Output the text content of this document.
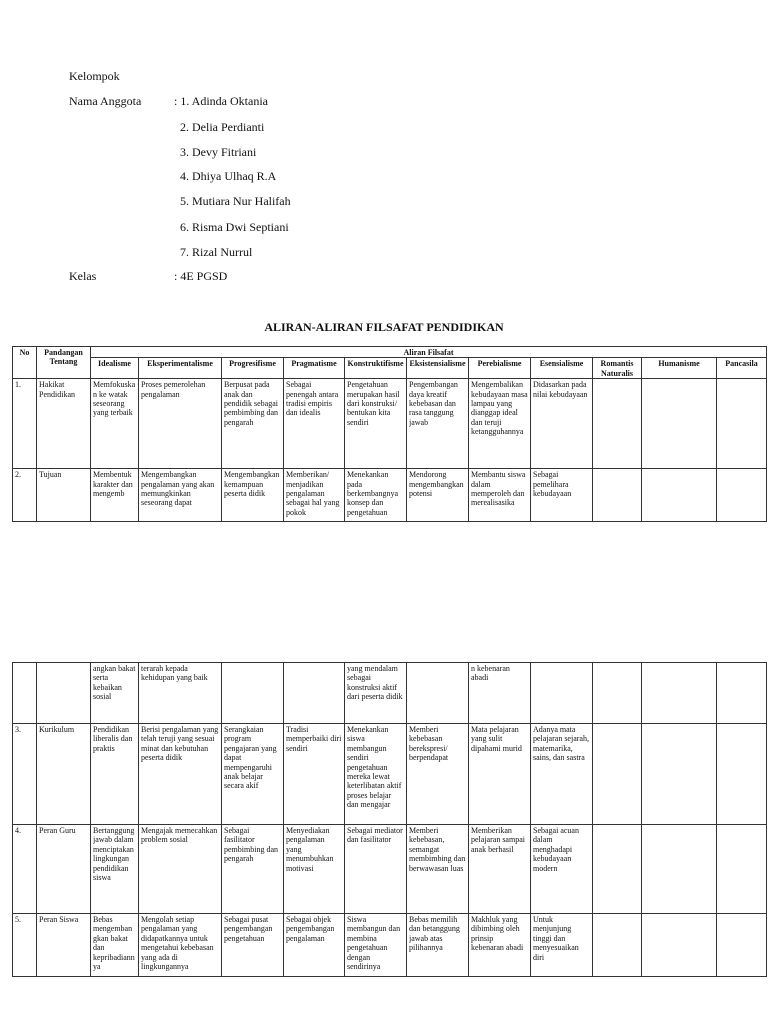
Kelompok
Nama Anggota	: 1. Adinda Oktania
2. Delia Perdianti
3. Devy Fitriani
4. Dhiya Ulhaq R.A
5. Mutiara Nur Halifah
6. Risma Dwi Septiani
7. Rizal Nurrul
Kelas	: 4E PGSD
ALIRAN-ALIRAN FILSAFAT PENDIDIKAN
No	Pandangan Tentang	Aliran Filsafat										
		Idealisme	Eksperimentalisme	Progresifisme	Pragmatisme	Konstruktifisme	Eksistensialisme	Perebialisme	Esensialisme	Romantis Naturalis	Humanisme	Pancasila

1.	Hakikat Pendidikan	Memfokuskan ke watak seseorang yang terbaik	Proses pemerolehan pengalaman	Berpusat pada anak dan pendidik sebagai pembimbing dan pengarah	Sebagai penengah antara tradisi empiris dan idealis	Pengetahuan merupakan hasil dari konstruksi/ bentukan kita sendiri	Pengembangan daya kreatif kebebasan dan rasa tanggung jawab	Mengembalikan kebudayaan masa lampau yang dianggap ideal dan teruji ketangguhannya	Didasarkan pada nilai kebudayaan			

2.	Tujuan	Membentuk karakter dan mengemb	Mengembangkan pengalaman yang akan memungkinkan seseorang dapat	Mengembangkan kemampuan peserta didik	Memberikan/ menjadikan pengalaman sebagai hal yang pokok	Menekankan pada berkembangnya konsep dan pengetahuan	Mendorong mengembangkan potensi	Membantu siswa dalam memperoleh dan merealisasika	Sebagai pemelihara kebudayaan			

		angkan bakat serta kebaikan sosial	terarah kepada kehidupan yang baik			yang mendalam sebagai konstruksi aktif dari peserta didik		n kebenaran abadi				

3.	Kurikulum	Pendidikan liberalis dan praktis	Berisi pengalaman yang telah teruji yang sesuai minat dan kebutuhan peserta didik	Serangkaian program pengajaran yang dapat mempengaruhi anak belajar secara akif	Tradisi memperbaiki diri sendiri	Menekankan siswa membangun sendiri pengetahuan mereka lewat keterlibatan aktif proses belajar dan mengajar	Memberi kebebasan berekspresi/ berpendapat	Mata pelajaran yang sulit dipahami murid	Adanya mata pelajaran sejarah, matemarika, sains, dan sastra			

4.	Peran Guru	Bertanggung jawab dalam menciptakan lingkungan pendidikan siswa	Mengajak memecahkan problem sosial	Sebagai fasilitator pembimbing dan pengarah	Menyediakan pengalaman yang menumbuhkan motivasi	Sebagai mediator dan fasilitator	Memberi kebebasan, semangat membimbing dan berwawasan luas	Memberikan pelajaran sampai anak berhasil	Sebagai acuan dalam menghadapi kebudayaan modern			

5.	Peran Siswa	Bebas mengembangkan bakat dan kepribadiannya	Mengolah setiap pengalaman yang didapatkannya untuk mengetahui kebebasan yang ada di lingkungannya	Sebagai pusat pengembangan pengetahuan	Sebagai objek pengembangan pengalaman	Siswa membangun dan membina pengetahuan dengan sendirinya	Bebas memilih dan betanggung jawab atas pilihannya	Makhluk yang dibimbing oleh prinsip kebenaran abadi	Untuk menjunjung tinggi dan menyesuaikan diri			
